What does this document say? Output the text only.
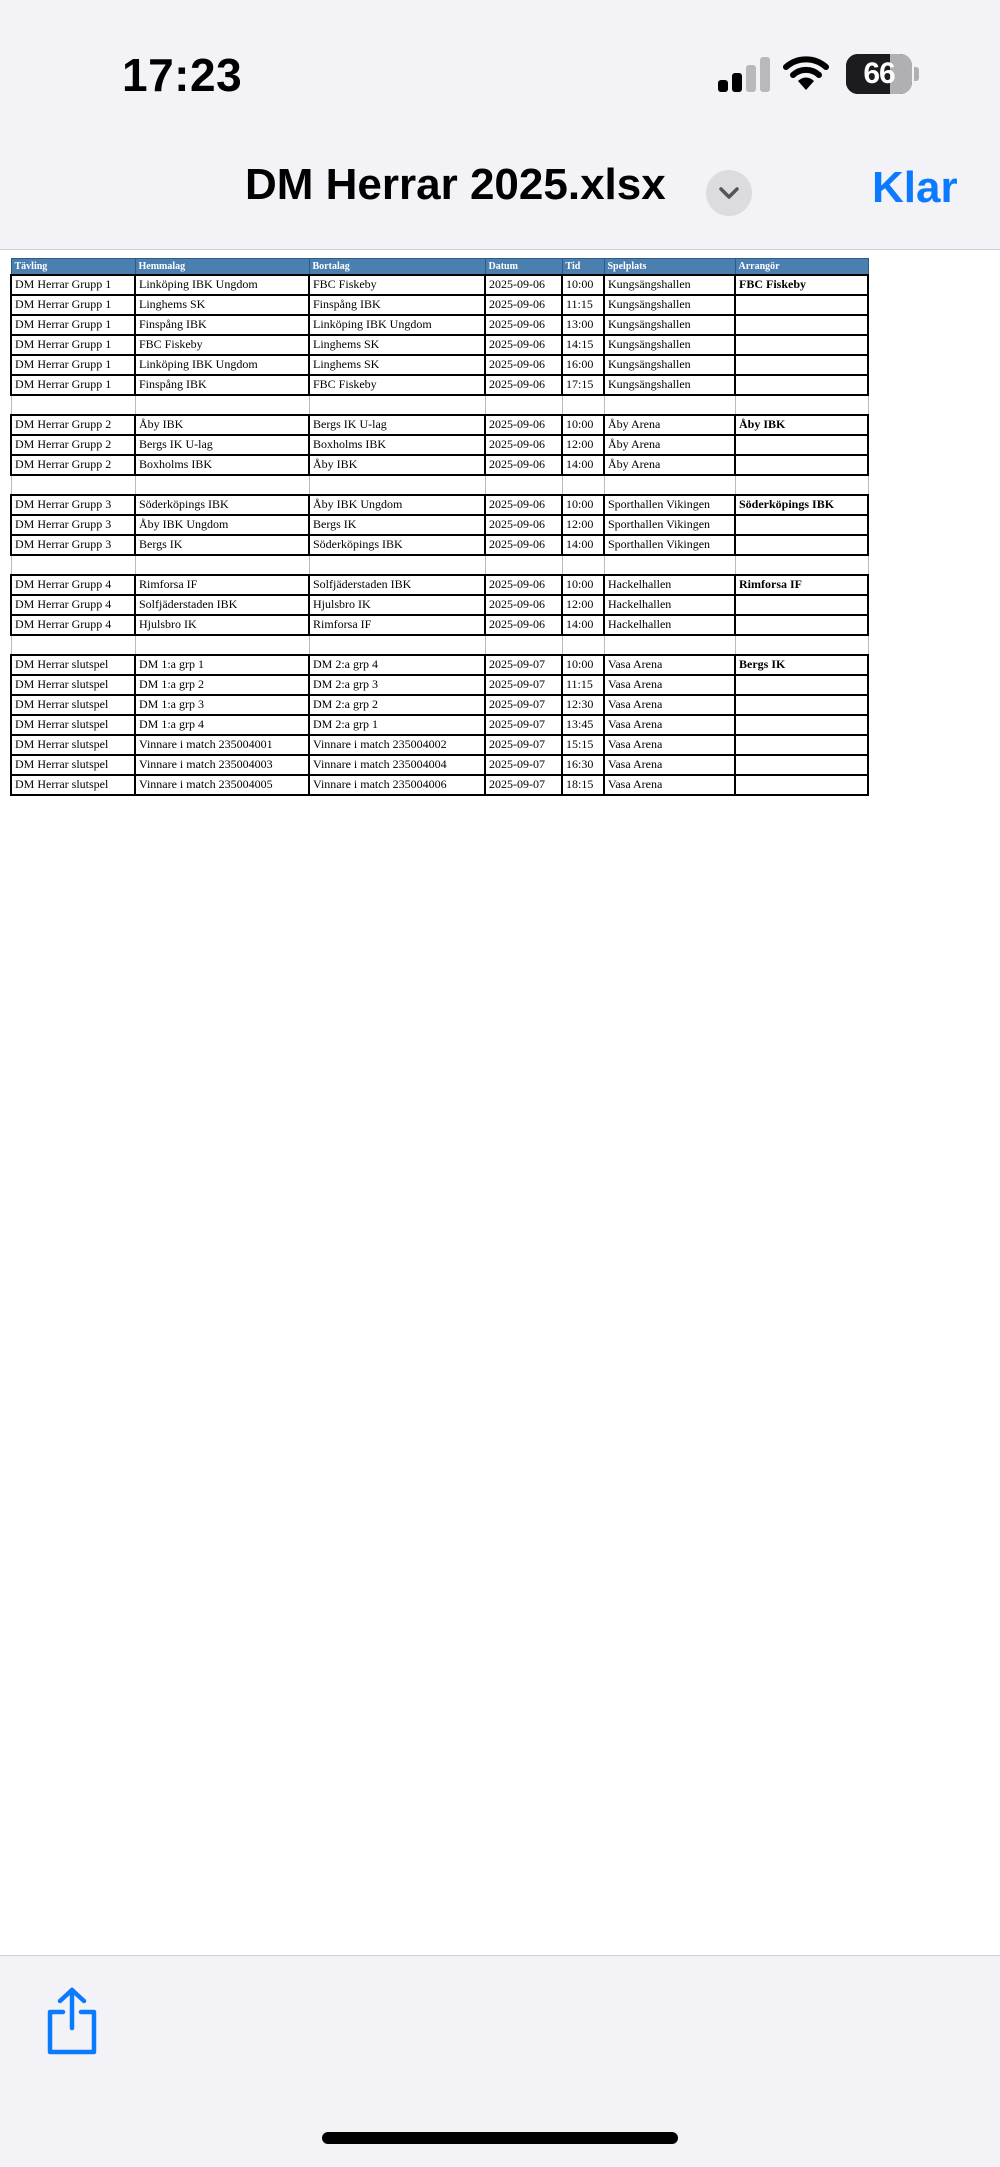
17:23	66
DM Herrar 2025.xlsx	Klar
Tävling	Hemmalag	Bortalag	Datum	Tid	Spelplats	Arrangör
DM Herrar Grupp 1	Linköping IBK Ungdom	FBC Fiskeby	2025-09-06	10:00	Kungsängshallen	FBC Fiskeby
DM Herrar Grupp 1	Linghems SK	Finspång IBK	2025-09-06	11:15	Kungsängshallen	
DM Herrar Grupp 1	Finspång IBK	Linköping IBK Ungdom	2025-09-06	13:00	Kungsängshallen	
DM Herrar Grupp 1	FBC Fiskeby	Linghems SK	2025-09-06	14:15	Kungsängshallen	
DM Herrar Grupp 1	Linköping IBK Ungdom	Linghems SK	2025-09-06	16:00	Kungsängshallen	
DM Herrar Grupp 1	Finspång IBK	FBC Fiskeby	2025-09-06	17:15	Kungsängshallen	

DM Herrar Grupp 2	Åby IBK	Bergs IK U-lag	2025-09-06	10:00	Åby Arena	Åby IBK
DM Herrar Grupp 2	Bergs IK U-lag	Boxholms IBK	2025-09-06	12:00	Åby Arena	
DM Herrar Grupp 2	Boxholms IBK	Åby IBK	2025-09-06	14:00	Åby Arena	

DM Herrar Grupp 3	Söderköpings IBK	Åby IBK Ungdom	2025-09-06	10:00	Sporthallen Vikingen	Söderköpings IBK
DM Herrar Grupp 3	Åby IBK Ungdom	Bergs IK	2025-09-06	12:00	Sporthallen Vikingen	
DM Herrar Grupp 3	Bergs IK	Söderköpings IBK	2025-09-06	14:00	Sporthallen Vikingen	

DM Herrar Grupp 4	Rimforsa IF	Solfjäderstaden IBK	2025-09-06	10:00	Hackelhallen	Rimforsa IF
DM Herrar Grupp 4	Solfjäderstaden IBK	Hjulsbro IK	2025-09-06	12:00	Hackelhallen	
DM Herrar Grupp 4	Hjulsbro IK	Rimforsa IF	2025-09-06	14:00	Hackelhallen	

DM Herrar slutspel	DM 1:a grp 1	DM 2:a grp 4	2025-09-07	10:00	Vasa Arena	Bergs IK
DM Herrar slutspel	DM 1:a grp 2	DM 2:a grp 3	2025-09-07	11:15	Vasa Arena	
DM Herrar slutspel	DM 1:a grp 3	DM 2:a grp 2	2025-09-07	12:30	Vasa Arena	
DM Herrar slutspel	DM 1:a grp 4	DM 2:a grp 1	2025-09-07	13:45	Vasa Arena	
DM Herrar slutspel	Vinnare i match 235004001	Vinnare i match 235004002	2025-09-07	15:15	Vasa Arena	
DM Herrar slutspel	Vinnare i match 235004003	Vinnare i match 235004004	2025-09-07	16:30	Vasa Arena	
DM Herrar slutspel	Vinnare i match 235004005	Vinnare i match 235004006	2025-09-07	18:15	Vasa Arena	
